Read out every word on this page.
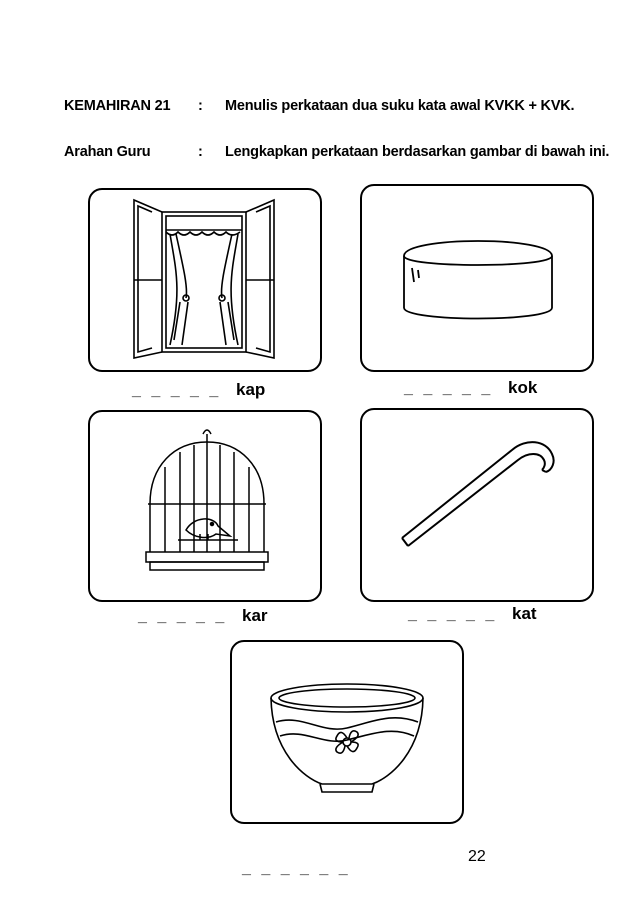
KEMAHIRAN 21 : Menulis perkataan dua suku kata awal KVKK + KVK.
Arahan Guru	: Lengkapkan perkataan berdasarkan gambar di bawah ini.
_ _ _ _ _ kap	_ _ _ _ _ kok
_ _ _ _ _ kar	_ _ _ _ _ kat
_ _ _ _ _ _
22
